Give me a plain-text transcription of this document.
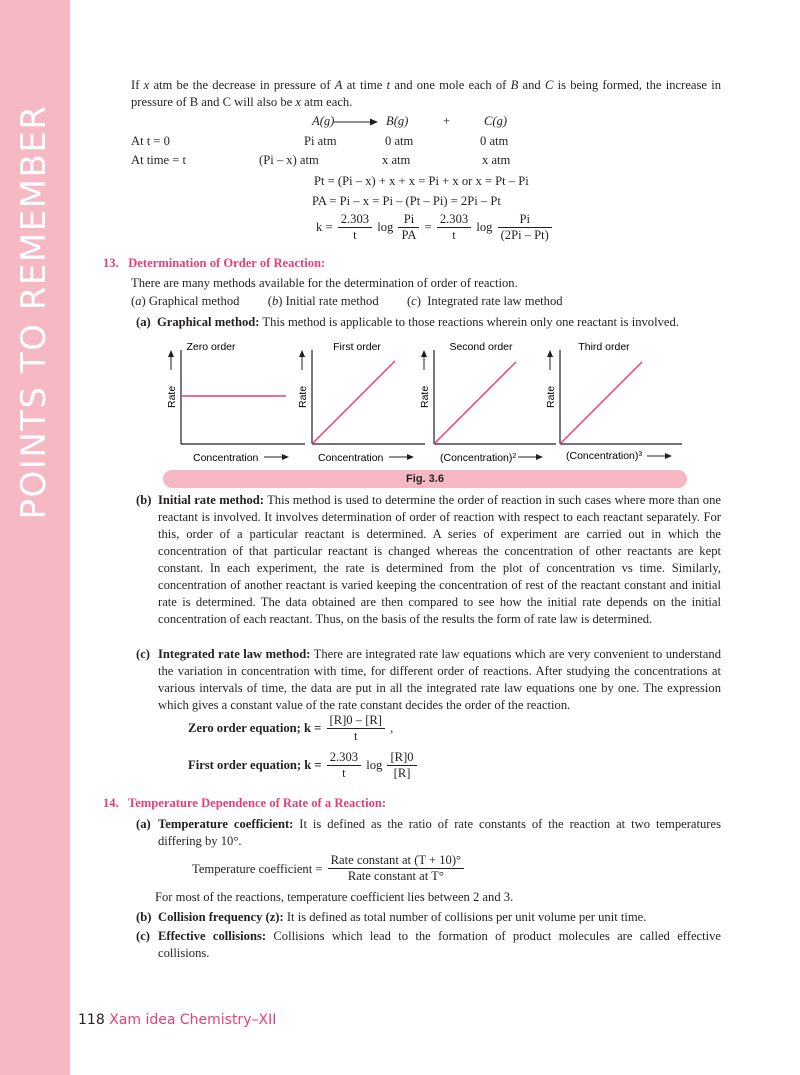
POINTS TO REMEMBER
If x atm be the decrease in pressure of A at time t and one mole each of B and C is being formed, the increase in pressure of B and C will also be x atm each.
A(g) → B(g)	+	C(g)
At t = 0	Pi atm	0 atm	0 atm
At time = t	(Pi – x) atm	x atm	x atm
Pt = (Pi – x) + x + x = Pi + x or x = Pt – Pi
PA = Pi – x = Pi – (Pt – Pi) = 2Pi – Pt
$k = \frac{2.303}{t}$ $\log \frac{Pi}{PA} = \frac{2.303}{t}$ $\log \frac{Pi}{(2Pi - Pt)}$
13. Determination of Order of Reaction:
There are many methods available for the determination of order of reaction.
(a) Graphical method         (b) Initial rate method         (c)  Integrated rate law method
(a) Graphical method: This method is applicable to those reactions wherein only one reactant is involved.
Zero order
Rate
Concentration
First order
Rate
Concentration
Second order
Rate
(Concentration)$^2$
Third order
Rate
(Concentration)$^3$
Fig. 3.6
(b) Initial rate method: This method is used to determine the order of reaction in such cases where more than one reactant is involved. It involves determination of order of reaction with respect to each reactant separately. For this, order of a particular reactant is determined. A series of experiment are carried out in which the concentration of that particular reactant is changed whereas the concentration of other reactants are kept constant. In each experiment, the rate is determined from the plot of concentration vs time. Similarly, concentration of another reactant is varied keeping the concentration of rest of the reactant constant and initial rate is determined. The data obtained are then compared to see how the initial rate depends on the initial concentration of each reactant. Thus, on the basis of the results the form of rate law is determined.
(c) Integrated rate law method: There are integrated rate law equations which are very convenient to understand the variation in concentration with time, for different order of reactions. After studying the concentrations at various intervals of time, the data are put in all the integrated rate law equations one by one. The expression which gives a constant value of the rate constant decides the order of the reaction.
Zero order equation; $k = \frac{[R]0 - [R]}{t}$ ,
First order equation; $k = \frac{2.303}{t}$ $\log \frac{[R]0}{[R]}$
14. Temperature Dependence of Rate of a Reaction:
(a) Temperature coefficient: It is defined as the ratio of rate constants of the reaction at two temperatures differing by 10°.
Temperature coefficient = $\frac{\text{Rate constant at (T + 10)°}}{\text{Rate constant at T°}}$
For most of the reactions, temperature coefficient lies between 2 and 3.
(b) Collision frequency (z): It is defined as total number of collisions per unit volume per unit time.
(c) Effective collisions: Collisions which lead to the formation of product molecules are called effective collisions.
118 Xam idea Chemistry–XII
